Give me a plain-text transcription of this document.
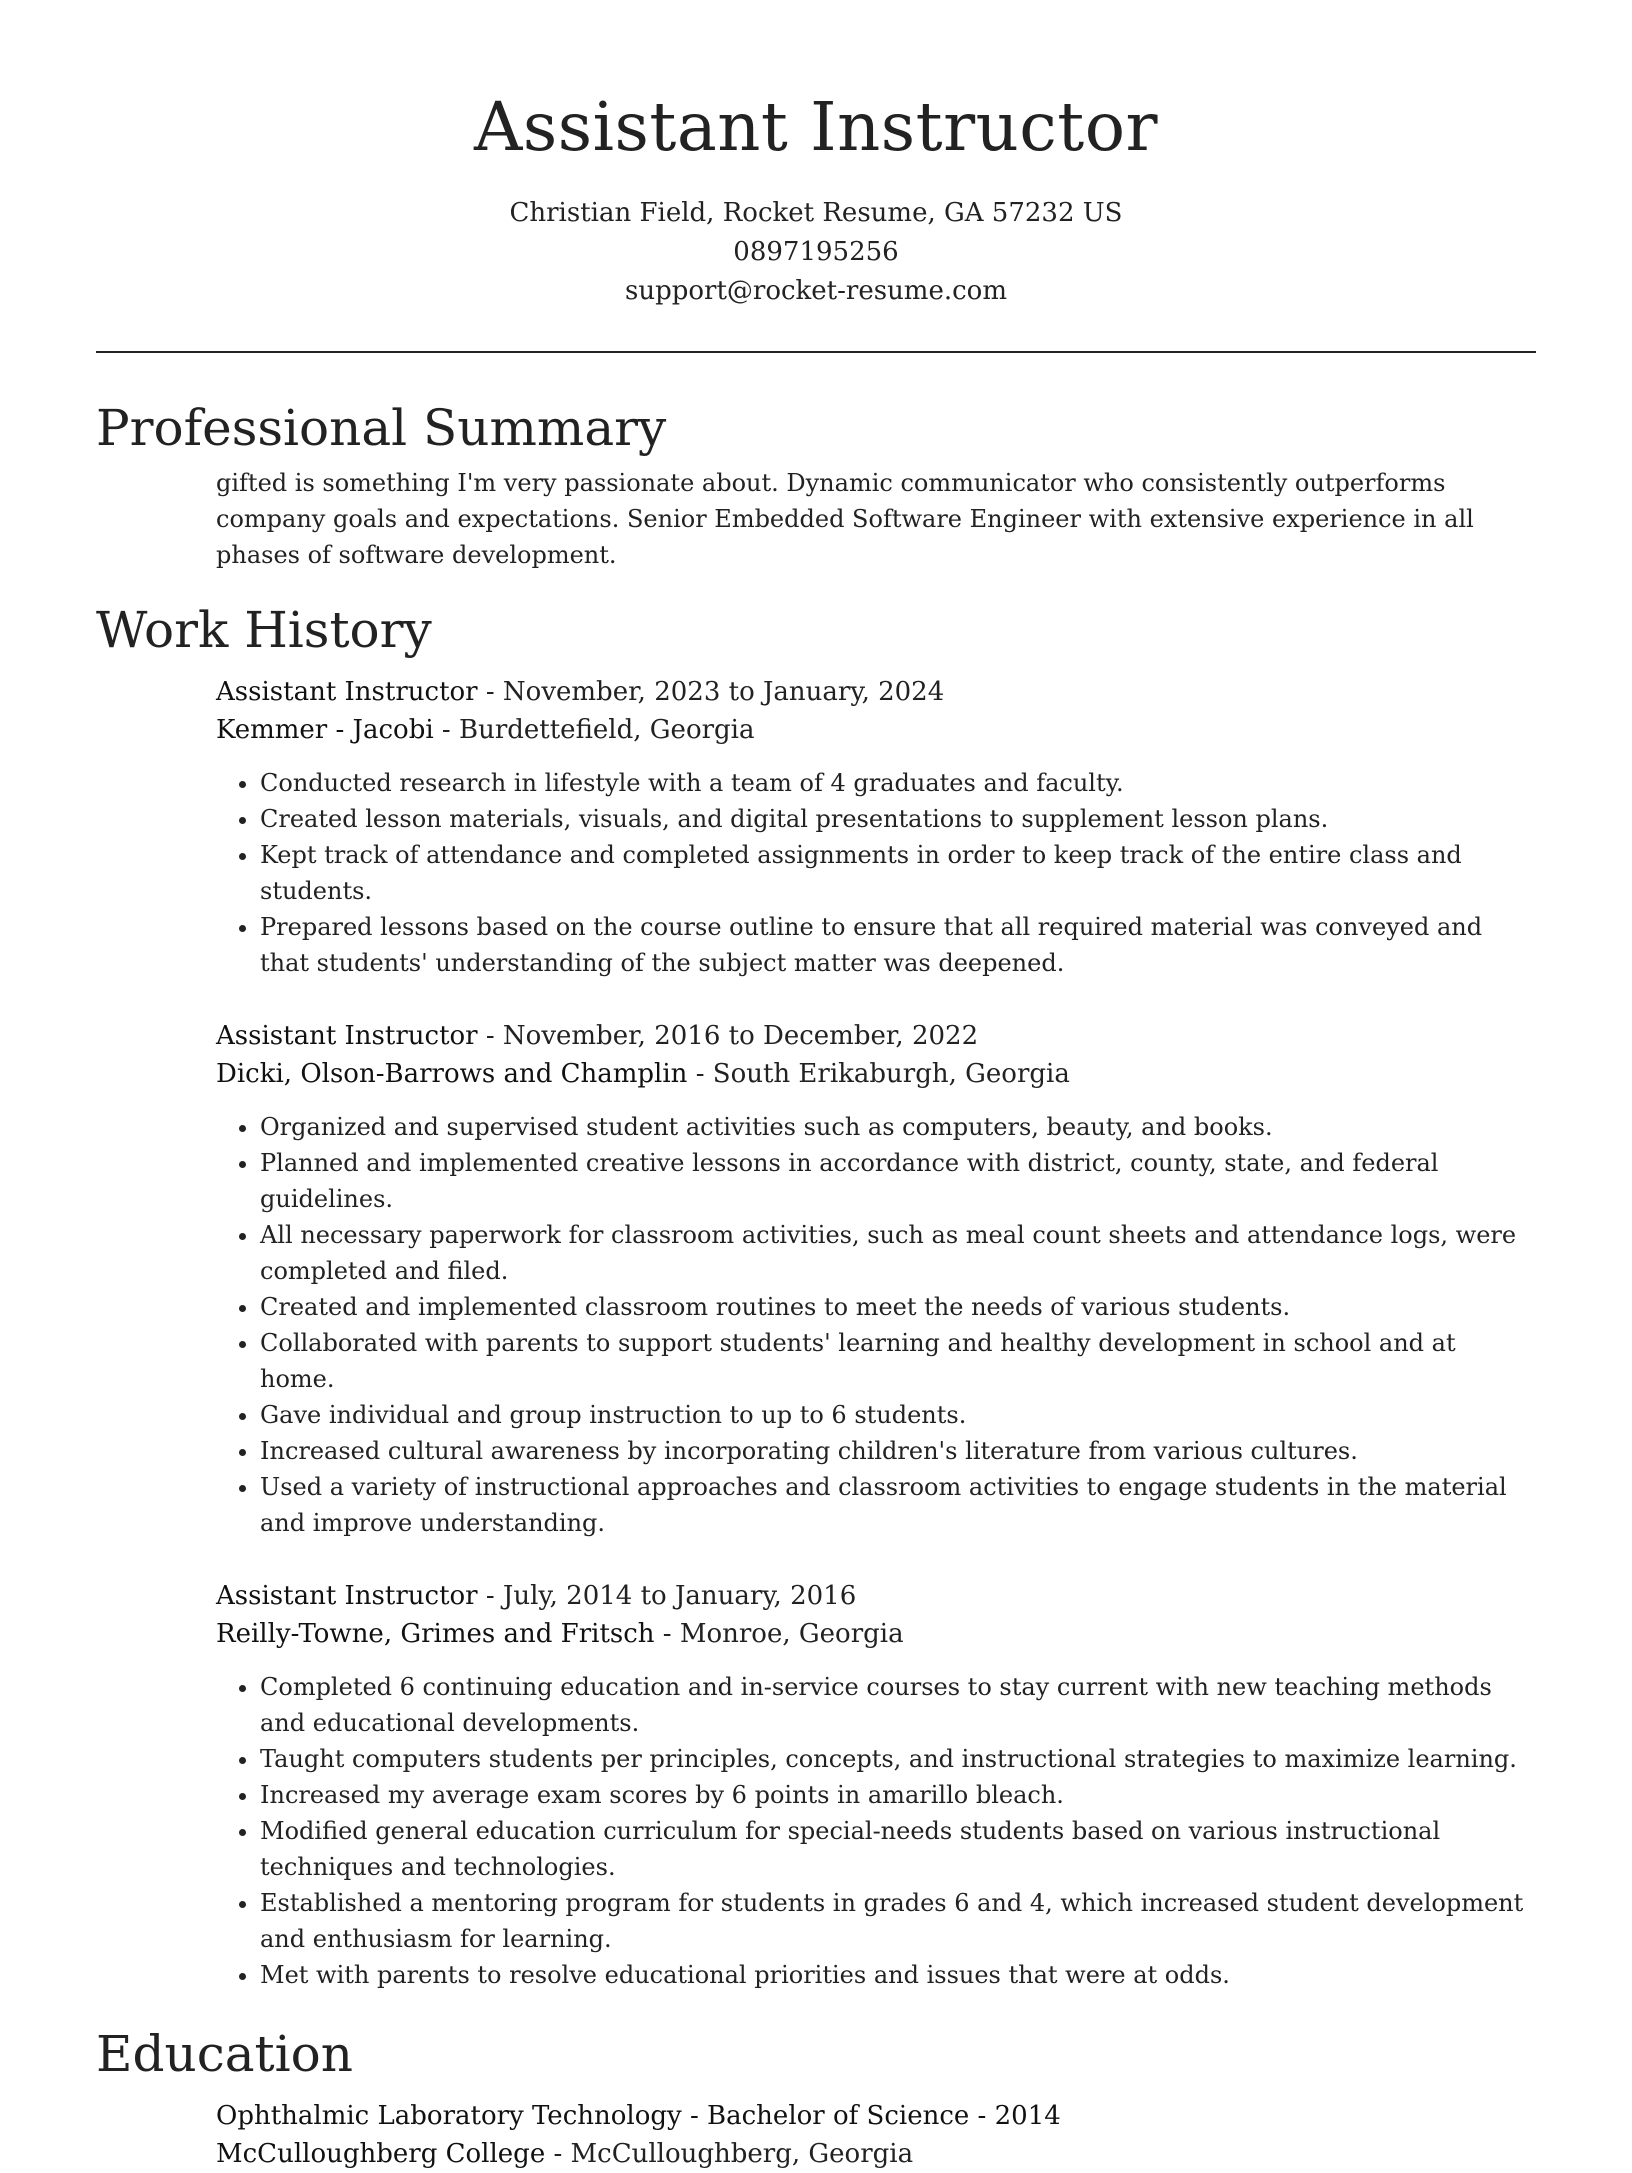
Assistant Instructor
Christian Field, Rocket Resume, GA 57232 US
0897195256
support@rocket-resume.com
Professional Summary

gifted is something I'm very passionate about. Dynamic communicator who consistently outperforms company goals and expectations. Senior Embedded Software Engineer with extensive experience in all phases of software development.

Work History
Assistant Instructor - November, 2023 to January, 2024
Kemmer - Jacobi - Burdettefield, Georgia
• Conducted research in lifestyle with a team of 4 graduates and faculty.
• Created lesson materials, visuals, and digital presentations to supplement lesson plans.
• Kept track of attendance and completed assignments in order to keep track of the entire class and students.
• Prepared lessons based on the course outline to ensure that all required material was conveyed and that students' understanding of the subject matter was deepened.
Assistant Instructor - November, 2016 to December, 2022
Dicki, Olson-Barrows and Champlin - South Erikaburgh, Georgia
• Organized and supervised student activities such as computers, beauty, and books.
• Planned and implemented creative lessons in accordance with district, county, state, and federal guidelines.
• All necessary paperwork for classroom activities, such as meal count sheets and attendance logs, were completed and filed.
• Created and implemented classroom routines to meet the needs of various students.
• Collaborated with parents to support students' learning and healthy development in school and at home.
• Gave individual and group instruction to up to 6 students.
• Increased cultural awareness by incorporating children's literature from various cultures.
• Used a variety of instructional approaches and classroom activities to engage students in the material and improve understanding.
Assistant Instructor - July, 2014 to January, 2016
Reilly-Towne, Grimes and Fritsch - Monroe, Georgia
• Completed 6 continuing education and in-service courses to stay current with new teaching methods and educational developments.
• Taught computers students per principles, concepts, and instructional strategies to maximize learning.
• Increased my average exam scores by 6 points in amarillo bleach.
• Modified general education curriculum for special-needs students based on various instructional techniques and technologies.
• Established a mentoring program for students in grades 6 and 4, which increased student development and enthusiasm for learning.
• Met with parents to resolve educational priorities and issues that were at odds.
Education
Ophthalmic Laboratory Technology - Bachelor of Science - 2014
McCulloughberg College - McCulloughberg, Georgia
